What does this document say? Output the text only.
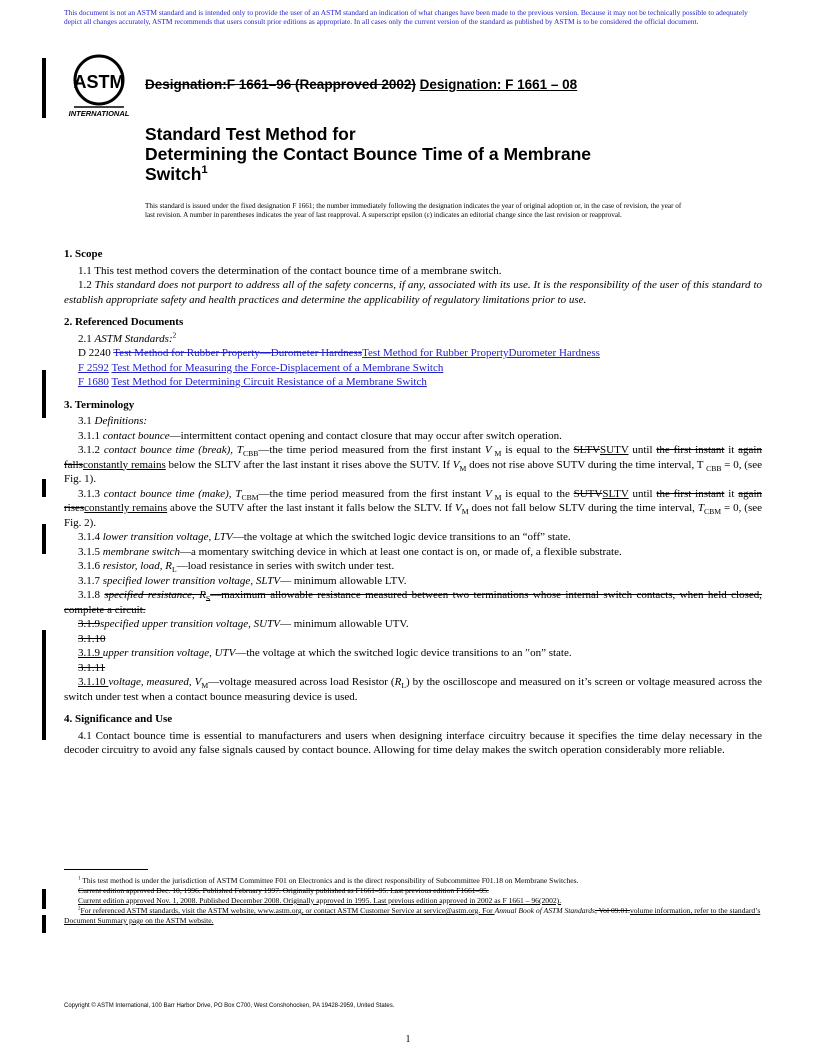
This document is not an ASTM standard and is intended only to provide the user of an ASTM standard an indication of what changes have been made to the previous version. Because it may not be technically possible to adequately depict all changes accurately, ASTM recommends that users consult prior editions as appropriate. In all cases only the current version of the standard as published by ASTM is to be considered the official document.
ASTM
INTERNATIONAL
Designation:F 1661–96 (Reapproved 2002) Designation: F 1661 – 08
Standard Test Method for
Determining the Contact Bounce Time of a Membrane
Switch$^1$
This standard is issued under the fixed designation F 1661; the number immediately following the designation indicates the year of original adoption or, in the case of revision, the year of last revision. A number in parentheses indicates the year of last reapproval. A superscript epsilon (ε) indicates an editorial change since the last revision or reapproval.
1. Scope

1.1 This test method covers the determination of the contact bounce time of a membrane switch.

1.2 This standard does not purport to address all of the safety concerns, if any, associated with its use. It is the responsibility of the user of this standard to establish appropriate safety and health practices and determine the applicability of regulatory limitations prior to use.

2. Referenced Documents

2.1 ASTM Standards:$^2$

D 2240 Test Method for Rubber Property—Durometer HardnessTest Method for Rubber PropertyDurometer Hardness

F 2592 Test Method for Measuring the Force-Displacement of a Membrane Switch

F 1680 Test Method for Determining Circuit Resistance of a Membrane Switch

3. Terminology

3.1 Definitions:

3.1.1 contact bounce—intermittent contact opening and contact closure that may occur after switch operation.

3.1.2 contact bounce time (break), $T_{CBB}—the$ time period measured from the first instant V $_M$ is equal to the SLTVSUTV until the first instant it again fallsconstantly remains below the SLTV after the last instant it rises above the SUTV. If $V_M$ does not rise above SUTV during the time interval, T $_{CBB}$ = 0, (see Fig. 1).

3.1.3 contact bounce time (make), $T_{CBM}—the$ time period measured from the first instant V $_M$ is equal to the SUTVSLTV until the first instant it again risesconstantly remains above the SUTV after the last instant it falls below the SLTV. If $V_M$ does not fall below SLTV during the time interval, $T_{CBM} = 0$, (see Fig. 2).

3.1.4 lower transition voltage, LTV—the voltage at which the switched logic device transitions to an “off” state.

3.1.5 membrane switch—a momentary switching device in which at least one contact is on, or made of, a flexible substrate.

3.1.6 resistor, load, $R_L—load$ resistance in series with switch under test.

3.1.7 specified lower transition voltage, SLTV— minimum allowable LTV.

3.1.8 specified resistance, $R_S—maximum$ allowable resistance measured between two terminations whose internal switch contacts, when held closed, complete a circuit.

3.1.9specified upper transition voltage, SUTV— minimum allowable UTV.

3.1.10

3.1.9 upper transition voltage, UTV—the voltage at which the switched logic device transitions to an ′′on” state.

3.1.11

3.1.10 voltage, measured, $V_M—voltage$ measured across load Resistor $(R_L)$ by the oscilloscope and measured on it’s screen or voltage measured across the switch under test when a contact bounce measuring device is used.

4. Significance and Use

4.1 Contact bounce time is essential to manufacturers and users when designing interface circuitry because it specifies the time delay necessary in the decoder circuitry to avoid any false signals caused by contact bounce. Allowing for time delay makes the switch operation considerably more reliable.

$^1$ This test method is under the jurisdiction of ASTM Committee F01 on Electronics and is the direct responsibility of Subcommittee F01.18 on Membrane Switches.
Current edition approved Dec. 10, 1996. Published February 1997. Originally published as F1661–95. Last previous edition F1661–95.
Current edition approved Nov. 1, 2008. Published December 2008. Originally approved in 1995. Last previous edition approved in 2002 as F 1661 – 96(2002).
$^2$For referenced ASTM standards, visit the ASTM website, www.astm.org, or contact ASTM Customer Service at service@astm.org. For Annual Book of ASTM Standards, Vol 09.01.volume information, refer to the standard’s Document Summary page on the ASTM website.
Copyright © ASTM International, 100 Barr Harbor Drive, PO Box C700, West Conshohocken, PA 19428-2959, United States.
1
